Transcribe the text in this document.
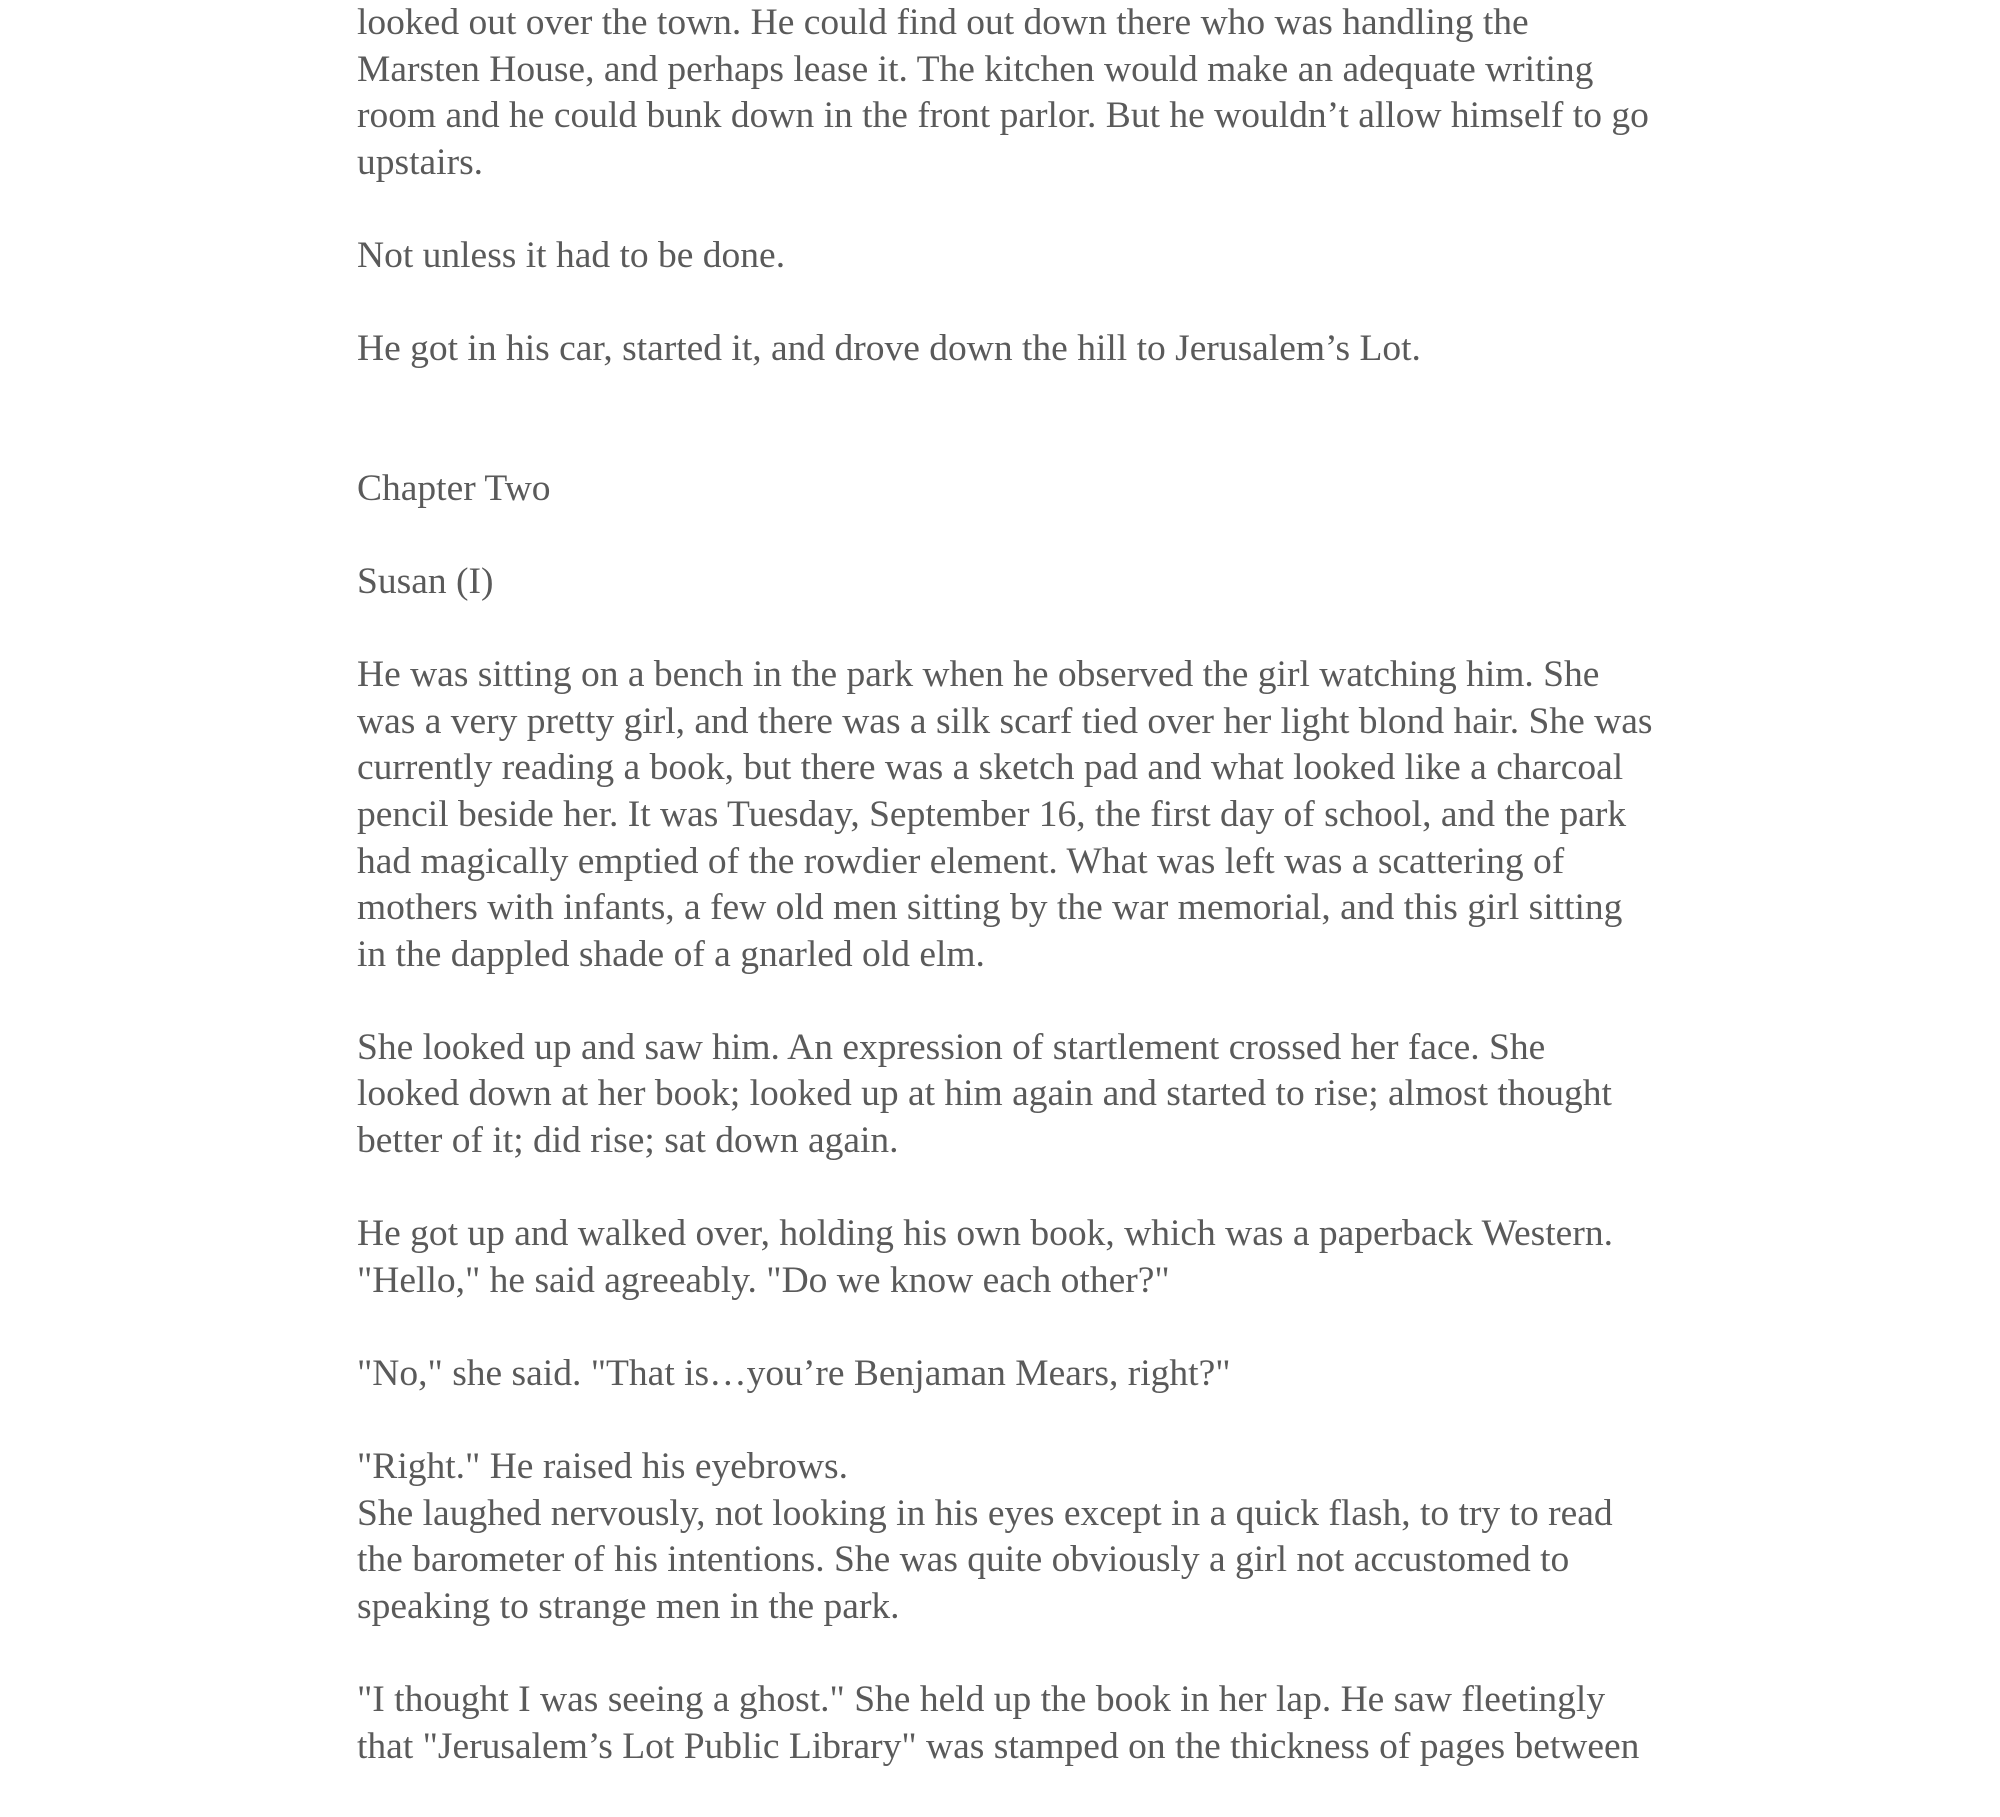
looked out over the town. He could find out down there who was handling the
Marsten House, and perhaps lease it. The kitchen would make an adequate writing
room and he could bunk down in the front parlor. But he wouldn’t allow himself to go
upstairs.

Not unless it had to be done.

He got in his car, started it, and drove down the hill to Jerusalem’s Lot.

Chapter Two

Susan (I)

He was sitting on a bench in the park when he observed the girl watching him. She
was a very pretty girl, and there was a silk scarf tied over her light blond hair. She was
currently reading a book, but there was a sketch pad and what looked like a charcoal
pencil beside her. It was Tuesday, September 16, the first day of school, and the park
had magically emptied of the rowdier element. What was left was a scattering of
mothers with infants, a few old men sitting by the war memorial, and this girl sitting
in the dappled shade of a gnarled old elm.

She looked up and saw him. An expression of startlement crossed her face. She
looked down at her book; looked up at him again and started to rise; almost thought
better of it; did rise; sat down again.

He got up and walked over, holding his own book, which was a paperback Western.
"Hello," he said agreeably. "Do we know each other?"

"No," she said. "That is…you’re Benjaman Mears, right?"

"Right." He raised his eyebrows.

She laughed nervously, not looking in his eyes except in a quick flash, to try to read
the barometer of his intentions. She was quite obviously a girl not accustomed to
speaking to strange men in the park.

"I thought I was seeing a ghost." She held up the book in her lap. He saw fleetingly
that "Jerusalem’s Lot Public Library" was stamped on the thickness of pages between
